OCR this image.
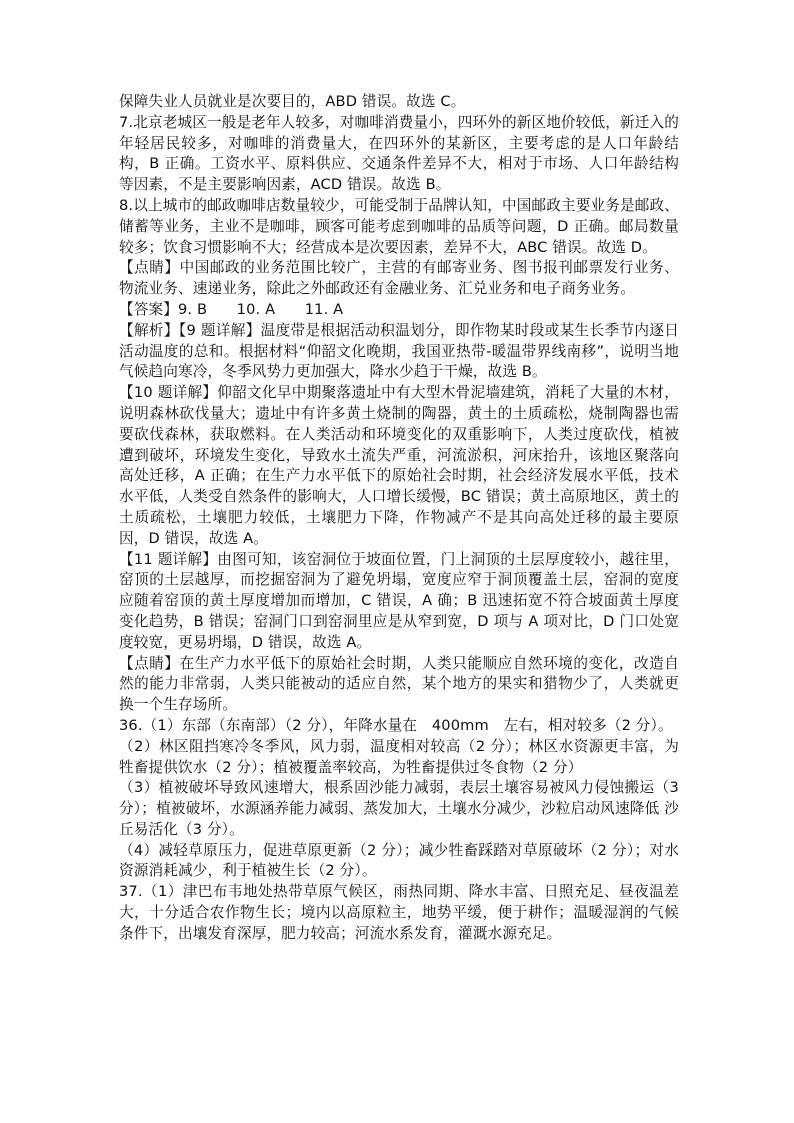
保障失业人员就业是次要目的，ABD 错误。故选 C。

7.北京老城区一般是老年人较多，对咖啡消费量小，四环外的新区地价较低，新迁入的年轻居民较多，对咖啡的消费量大，在四环外的某新区，主要考虑的是人口年龄结构，B 正确。工资水平、原料供应、交通条件差异不大，相对于市场、人口年龄结构等因素，不是主要影响因素，ACD 错误。故选 B。

8.以上城市的邮政咖啡店数量较少，可能受制于品牌认知，中国邮政主要业务是邮政、储蓄等业务，主业不是咖啡，顾客可能考虑到咖啡的品质等问题，D 正确。邮局数量较多；饮食习惯影响不大；经营成本是次要因素，差异不大，ABC 错误。故选 D。

【点睛】中国邮政的业务范围比较广，主营的有邮寄业务、图书报刊邮票发行业务、物流业务、速递业务，除此之外邮政还有金融业务、汇兑业务和电子商务业务。

【答案】9. B　　10. A　　11. A

【解析】【9 题详解】温度带是根据活动积温划分，即作物某时段或某生长季节内逐日活动温度的总和。根据材料“仰韶文化晚期，我国亚热带-暖温带界线南移”，说明当地气候趋向寒冷，冬季风势力更加强大，降水少趋于干燥，故选 B。

【10 题详解】仰韶文化早中期聚落遗址中有大型木骨泥墙建筑，消耗了大量的木材，说明森林砍伐量大；遗址中有许多黄土烧制的陶器，黄土的土质疏松，烧制陶器也需要砍伐森林，获取燃料。在人类活动和环境变化的双重影响下，人类过度砍伐，植被遭到破坏，环境发生变化，导致水土流失严重，河流淤积，河床抬升，该地区聚落向高处迁移，A 正确；在生产力水平低下的原始社会时期，社会经济发展水平低，技术水平低，人类受自然条件的影响大，人口增长缓慢，BC 错误；黄土高原地区，黄土的土质疏松，土壤肥力较低，土壤肥力下降，作物减产不是其向高处迁移的最主要原因，D 错误，故选 A。

【11 题详解】由图可知，该窑洞位于坡面位置，门上洞顶的土层厚度较小，越往里，窑顶的土层越厚，而挖掘窑洞为了避免坍塌，宽度应窄于洞顶覆盖土层，窑洞的宽度应随着窑顶的黄土厚度增加而增加，C 错误，A 确；B 迅速拓宽不符合坡面黄土厚度变化趋势，B 错误；窑洞门口到窑洞里应是从窄到宽，D 项与 A 项对比，D 门口处宽度较宽，更易坍塌，D 错误，故选 A。

【点睛】在生产力水平低下的原始社会时期，人类只能顺应自然环境的变化，改造自然的能力非常弱，人类只能被动的适应自然，某个地方的果实和猎物少了，人类就更换一个生存场所。

36.（1）东部（东南部）（2 分），年降水量在　400mm　左右，相对较多（2 分）。

（2）林区阻挡寒冷冬季风，风力弱，温度相对较高（2 分）；林区水资源更丰富，为牲畜提供饮水（2 分）；植被覆盖率较高，为牲畜提供过冬食物（2 分）

（3）植被破坏导致风速增大，根系固沙能力减弱，表层土壤容易被风力侵蚀搬运（3 分）；植被破坏，水源涵养能力减弱、蒸发加大，土壤水分减少，沙粒启动风速降低 沙丘易活化（3 分）。

（4）减轻草原压力，促进草原更新（2 分）；减少牲畜踩踏对草原破坏（2 分）；对水资源消耗减少，利于植被生长（2 分）。

37.（1）津巴布韦地处热带草原气候区，雨热同期、降水丰富、日照充足、昼夜温差大，十分适合农作物生长；境内以高原粒主，地势平缓，便于耕作；温暖湿润的气候条件下，出壤发育深厚，肥力较高；河流水系发育，灌溉水源充足。
